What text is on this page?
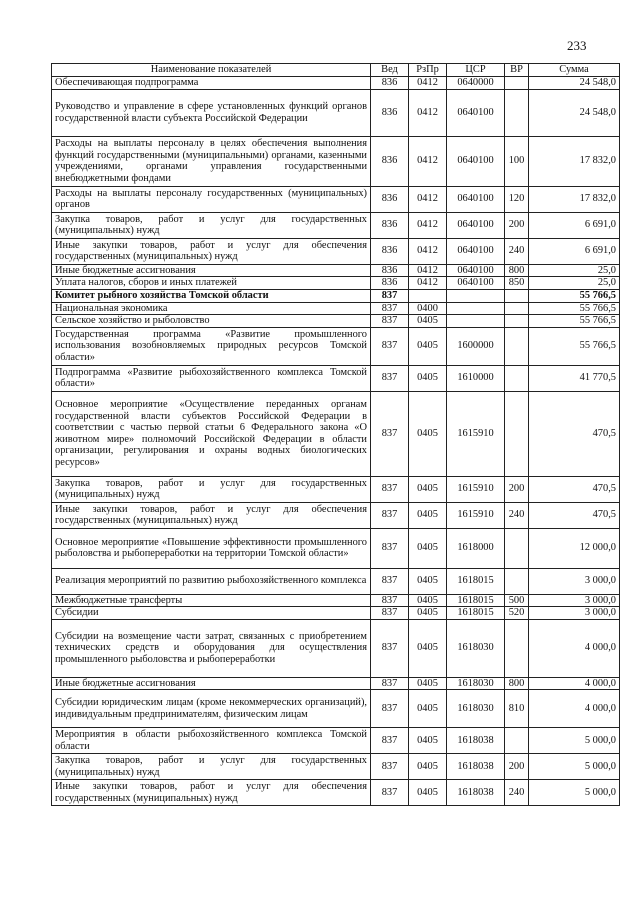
233
Наименование показателей	Вед	РзПр	ЦСР	ВР	Сумма
Обеспечивающая подпрограмма	836	0412	0640000		24 548,0
Руководство и управление в сфере установленных функций органов государственной власти субъекта Российской Федерации	836	0412	0640100		24 548,0
Расходы на выплаты персоналу в целях обеспечения выполнения функций государственными (муниципальными) органами, казенными учреждениями, органами управления государственными внебюджетными фондами	836	0412	0640100	100	17 832,0
Расходы на выплаты персоналу государственных (муниципальных) органов	836	0412	0640100	120	17 832,0
Закупка товаров, работ и услуг для государственных (муниципальных) нужд	836	0412	0640100	200	6 691,0
Иные закупки товаров, работ и услуг для обеспечения государственных (муниципальных) нужд	836	0412	0640100	240	6 691,0
Иные бюджетные ассигнования	836	0412	0640100	800	25,0
Уплата налогов, сборов и иных платежей	836	0412	0640100	850	25,0
Комитет рыбного хозяйства Томской области	837				55 766,5
Национальная экономика	837	0400			55 766,5
Сельское хозяйство и рыболовство	837	0405			55 766,5
Государственная программа «Развитие промышленного использования возобновляемых природных ресурсов Томской области»	837	0405	1600000		55 766,5
Подпрограмма «Развитие рыбохозяйственного комплекса Томской области»	837	0405	1610000		41 770,5
Основное мероприятие «Осуществление переданных органам государственной власти субъектов Российской Федерации в соответствии с частью первой статьи 6 Федерального закона «О животном мире» полномочий Российской Федерации в области организации, регулирования и охраны водных биологических ресурсов»	837	0405	1615910		470,5
Закупка товаров, работ и услуг для государственных (муниципальных) нужд	837	0405	1615910	200	470,5
Иные закупки товаров, работ и услуг для обеспечения государственных (муниципальных) нужд	837	0405	1615910	240	470,5
Основное мероприятие «Повышение эффективности промышленного рыболовства и рыбопереработки на территории Томской области»	837	0405	1618000		12 000,0
Реализация мероприятий по развитию рыбохозяйственного комплекса	837	0405	1618015		3 000,0
Межбюджетные трансферты	837	0405	1618015	500	3 000,0
Субсидии	837	0405	1618015	520	3 000,0
Субсидии на возмещение части затрат, связанных с приобретением технических средств и оборудования для осуществления промышленного рыболовства и рыбопереработки	837	0405	1618030		4 000,0
Иные бюджетные ассигнования	837	0405	1618030	800	4 000,0
Субсидии юридическим лицам (кроме некоммерческих организаций), индивидуальным предпринимателям, физическим лицам	837	0405	1618030	810	4 000,0
Мероприятия в области рыбохозяйственного комплекса Томской области	837	0405	1618038		5 000,0
Закупка товаров, работ и услуг для государственных (муниципальных) нужд	837	0405	1618038	200	5 000,0
Иные закупки товаров, работ и услуг для обеспечения государственных (муниципальных) нужд	837	0405	1618038	240	5 000,0
